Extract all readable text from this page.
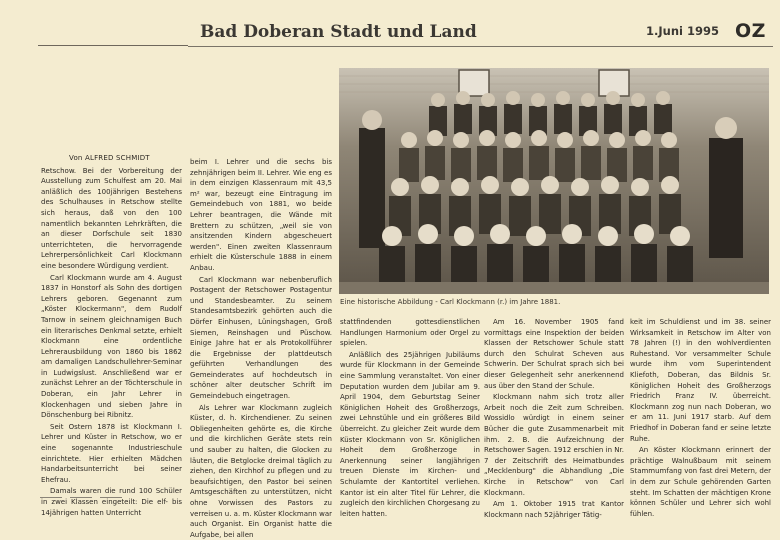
Bad Doberan Stadt und Land	1.Juni 1995 OZ
Eine historische Abbildung - Carl Klockmann (r.) im Jahre 1881.
Von ALFRED SCHMIDT

Retschow. Bei der Vorbereitung der Ausstellung zum Schulfest am 20. Mai anläßlich des 100jährigen Bestehens des Schulhauses in Retschow stellte sich heraus, daß von den 100 namentlich bekannten Lehrkräften, die an dieser Dorfschule seit 1830 unterrichteten, die hervorragende Lehrerpersönlichkeit Carl Klockmann eine besondere Würdigung verdient.

Carl Klockmann wurde am 4. August 1837 in Honstorf als Sohn des dortigen Lehrers geboren. Gegenannt zum „Köster Klockermann", dem Rudolf Tarnow in seinem gleichnamigen Buch ein literarisches Denkmal setzte, erhielt Klockmann eine ordentliche Lehrerausbildung von 1860 bis 1862 am damaligen Landschullehrer-Seminar in Ludwigslust. Anschließend war er zunächst Lehrer an der Töchterschule in Doberan, ein Jahr Lehrer in Klockenhagen und sieben Jahre in Dönschenburg bei Ribnitz.

Seit Ostern 1878 ist Klockmann I. Lehrer und Küster in Retschow, wo er eine sogenannte Industrieschule einrichtete. Hier erhielten Mädchen Handarbeitsunterricht bei seiner Ehefrau.

Damals waren die rund 100 Schüler in zwei Klassen eingeteilt: Die elf- bis 14jährigen hatten Unterricht

beim I. Lehrer und die sechs bis zehnjährigen beim II. Lehrer. Wie eng es in dem einzigen Klassenraum mit 43,5 m² war, bezeugt eine Eintragung im Gemeindebuch von 1881, wo beide Lehrer beantragen, die Wände mit Brettern zu schützen, „weil sie von ansitzenden Kindern abgescheuert werden". Einen zweiten Klassenraum erhielt die Küsterschule 1888 in einem Anbau.

Carl Klockmann war nebenberuflich Postagent der Retschower Postagentur und Standesbeamter. Zu seinem Standesamtsbezirk gehörten auch die Dörfer Einhusen, Lüningshagen, Groß Siemen, Reinshagen und Püschow. Einige Jahre hat er als Protokollführer die Ergebnisse der plattdeutsch geführten Verhandlungen des Gemeinderates auf hochdeutsch in schöner alter deutscher Schrift im Gemeindebuch eingetragen.

Als Lehrer war Klockmann zugleich Küster, d. h. Kirchendiener. Zu seinen Obliegenheiten gehörte es, die Kirche und die kirchlichen Geräte stets rein und sauber zu halten, die Glocken zu läuten, die Betglocke dreimal täglich zu ziehen, den Kirchhof zu pflegen und zu beaufsichtigen, den Pastor bei seinen Amtsgeschäften zu unterstützen, nicht ohne Vorwissen des Pastors zu verreisen u. a. m. Küster Klockmann war auch Organist. Ein Organist hatte die Aufgabe, bei allen

stattfindenden gottesdienstlichen Handlungen Harmonium oder Orgel zu spielen.

Anläßlich des 25jährigen Jubiläums wurde für Klockmann in der Gemeinde eine Sammlung veranstaltet. Von einer Deputation wurden dem Jubilar am 9. April 1904, dem Geburtstag Seiner Königlichen Hoheit des Großherzogs, zwei Lehnstühle und ein größeres Bild überreicht. Zu gleicher Zeit wurde dem Küster Klockmann von Sr. Königlichen Hoheit dem Großherzoge in Anerkennung seiner langjährigen treuen Dienste im Kirchen- und Schulamte der Kantortitel verliehen. Kantor ist ein alter Titel für Lehrer, die zugleich den kirchlichen Chorgesang zu leiten hatten.

Am 16. November 1905 fand vormittags eine Inspektion der beiden Klassen der Retschower Schule statt durch den Schulrat Scheven aus Schwerin. Der Schulrat sprach sich bei dieser Gelegenheit sehr anerkennend aus über den Stand der Schule.

Klockmann nahm sich trotz aller Arbeit noch die Zeit zum Schreiben. Wossidlo würdigt in einem seiner Bücher die gute Zusammenarbeit mit ihm. 2. B. die Aufzeichnung der Retschower Sagen. 1912 erschien in Nr. 7 der Zeitschrift des Heimatbundes „Mecklenburg" die Abhandlung „Die Kirche in Retschow" von Carl Klockmann.

Am 1. Oktober 1915 trat Kantor Klockmann nach 52jähriger Tätig-

keit im Schuldienst und im 38. seiner Wirksamkeit in Retschow im Alter von 78 Jahren (!) in den wohlverdienten Ruhestand. Vor versammelter Schule wurde ihm vom Superintendent Kliefoth, Doberan, das Bildnis Sr. Königlichen Hoheit des Großherzogs Friedrich Franz IV. überreicht. Klockmann zog nun nach Doberan, wo er am 11. Juni 1917 starb. Auf dem Friedhof in Doberan fand er seine letzte Ruhe.

An Köster Klockmann erinnert der prächtige Walnußbaum mit seinem Stammumfang von fast drei Metern, der in dem zur Schule gehörenden Garten steht. Im Schatten der mächtigen Krone können Schüler und Lehrer sich wohl fühlen.
